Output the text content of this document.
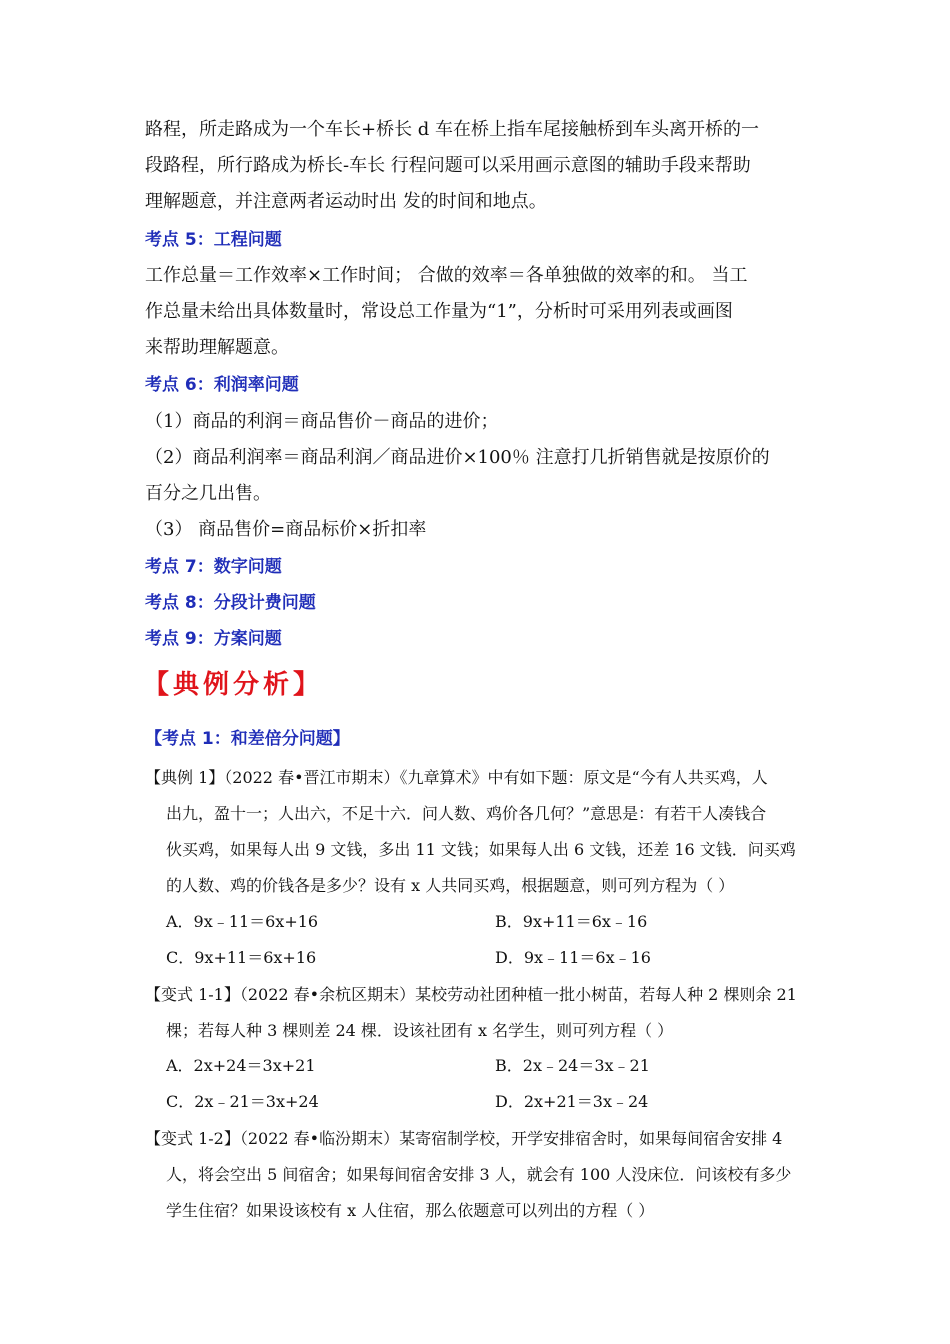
路程，所走路成为一个车长+桥长 d 车在桥上指车尾接触桥到车头离开桥的一
段路程，所行路成为桥长-车长 行程问题可以采用画示意图的辅助手段来帮助
理解题意，并注意两者运动时出 发的时间和地点。
考点 5：工程问题
工作总量＝工作效率×工作时间； 合做的效率＝各单独做的效率的和。 当工
作总量未给出具体数量时，常设总工作量为“1”，分析时可采用列表或画图
来帮助理解题意。
考点 6：利润率问题
（1）商品的利润＝商品售价－商品的进价；
（2）商品利润率＝商品利润／商品进价×100％ 注意打几折销售就是按原价的
百分之几出售。
（3） 商品售价=商品标价×折扣率
考点 7：数字问题
考点 8：分段计费问题
考点 9：方案问题
【典例分析】
【考点 1：和差倍分问题】
【典例 1】（2022 春•晋江市期末）《九章算术》中有如下题：原文是“今有人共买鸡，人
出九，盈十一；人出六，不足十六．问人数、鸡价各几何？”意思是：有若干人凑钱合
伙买鸡，如果每人出 9 文钱，多出 11 文钱；如果每人出 6 文钱，还差 16 文钱．问买鸡
的人数、鸡的价钱各是多少？设有 x 人共同买鸡，根据题意，则可列方程为（ ）
A．9x﹣11＝6x+16	B．9x+11＝6x﹣16
C．9x+11＝6x+16	D．9x﹣11＝6x﹣16
【变式 1-1】（2022 春•余杭区期末）某校劳动社团种植一批小树苗，若每人种 2 棵则余 21
棵；若每人种 3 棵则差 24 棵．设该社团有 x 名学生，则可列方程（ ）
A．2x+24＝3x+21	B．2x﹣24＝3x﹣21
C．2x﹣21＝3x+24	D．2x+21＝3x﹣24
【变式 1-2】（2022 春•临汾期末）某寄宿制学校，开学安排宿舍时，如果每间宿舍安排 4
人，将会空出 5 间宿舍；如果每间宿舍安排 3 人，就会有 100 人没床位．问该校有多少
学生住宿？如果设该校有 x 人住宿，那么依题意可以列出的方程（ ）
